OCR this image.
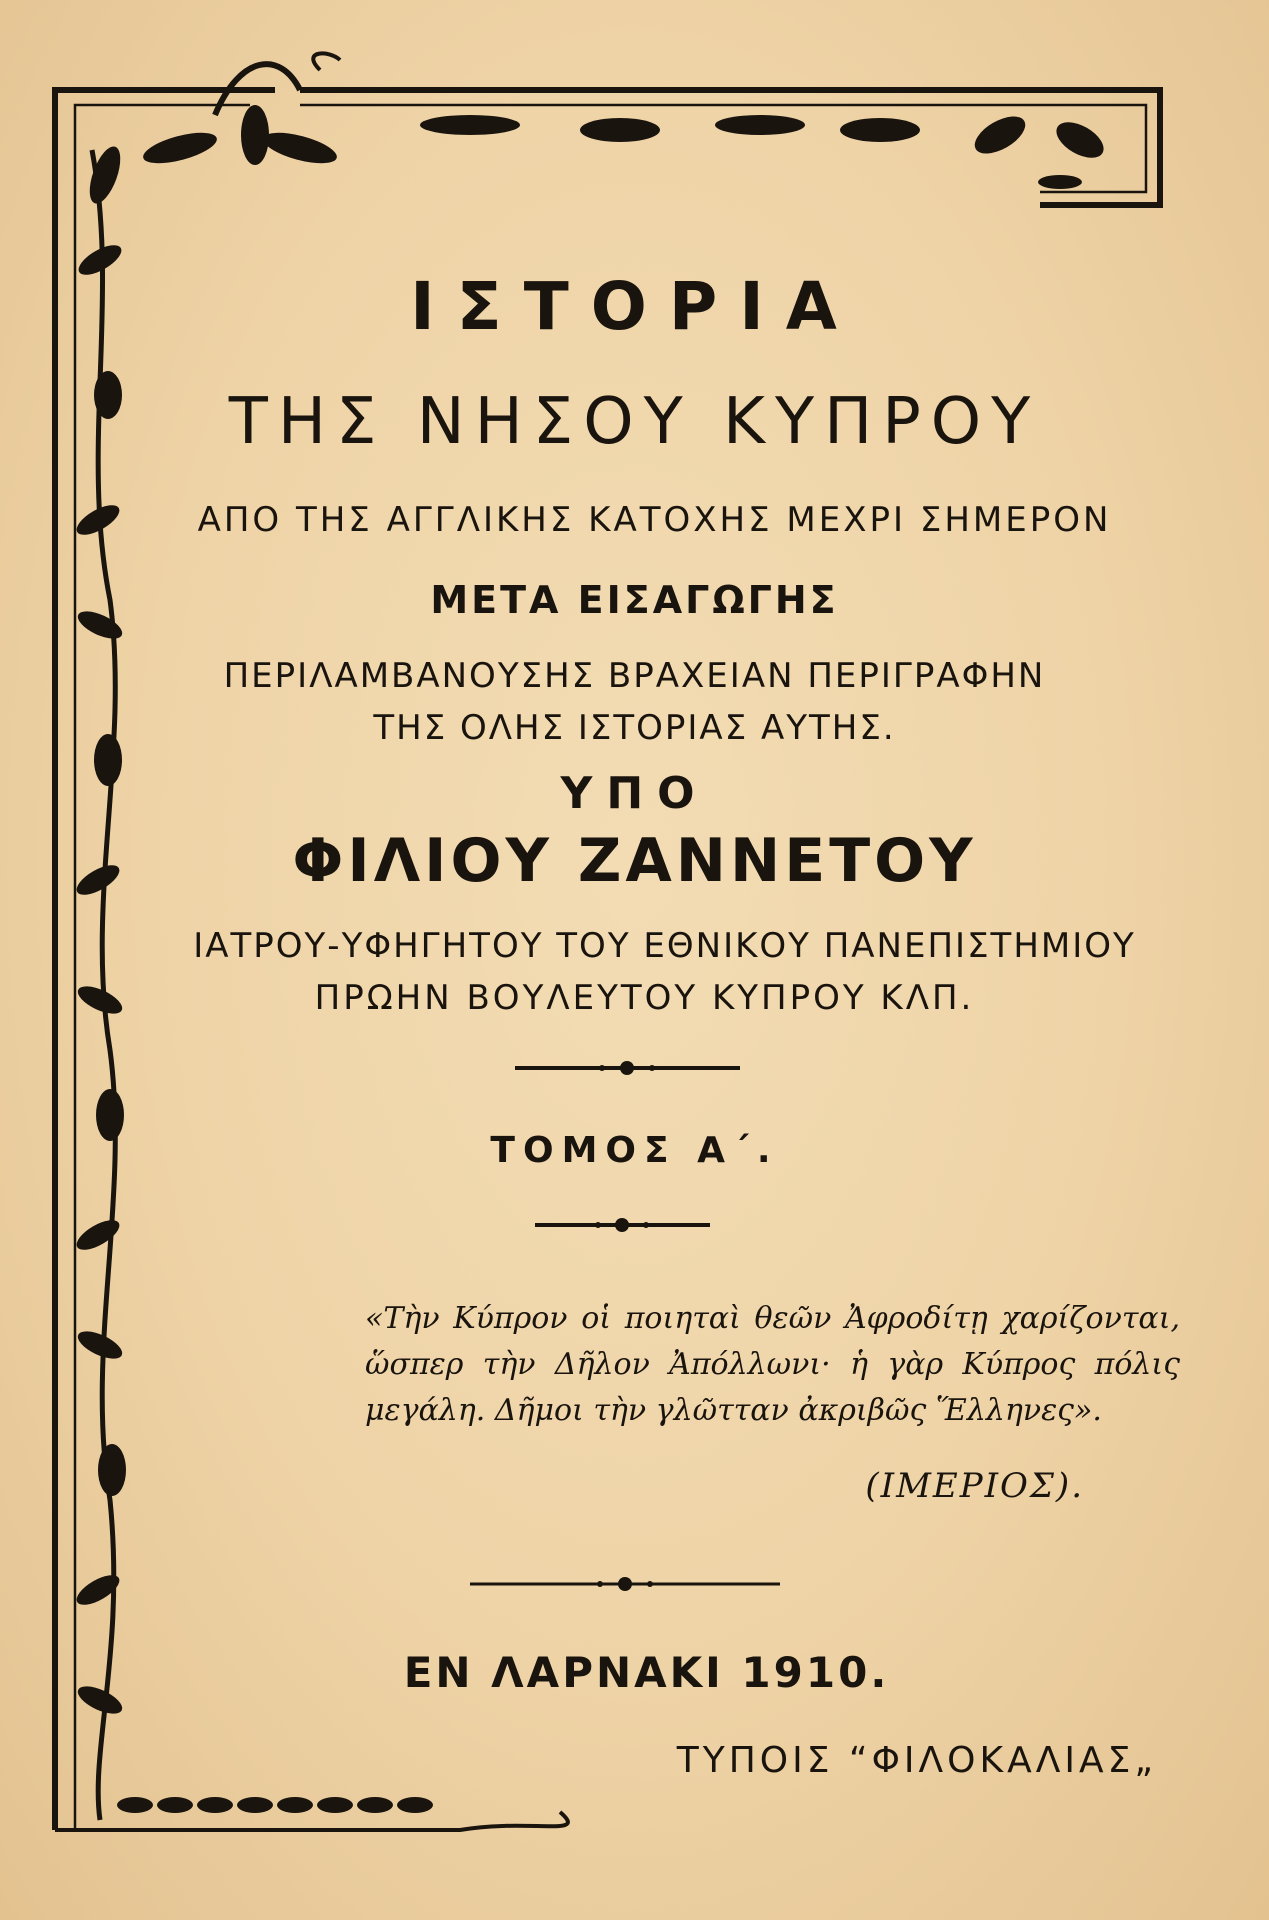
ΙΣΤΟΡΙΑ
ΤΗΣ ΝΗΣΟΥ ΚΥΠΡΟΥ
ΑΠΟ ΤΗΣ ΑΓΓΛΙΚΗΣ ΚΑΤΟΧΗΣ ΜΕΧΡΙ ΣΗΜΕΡΟΝ
ΜΕΤΑ ΕΙΣΑΓΩΓΗΣ
ΠΕΡΙΛΑΜΒΑΝΟΥΣΗΣ ΒΡΑΧΕΙΑΝ ΠΕΡΙΓΡΑΦΗΝ
ΤΗΣ ΟΛΗΣ ΙΣΤΟΡΙΑΣ ΑΥΤΗΣ.
ΥΠΟ
ΦΙΛΙΟΥ ΖΑΝΝΕΤΟΥ
ΙΑΤΡΟΥ-ΥΦΗΓΗΤΟΥ ΤΟΥ ΕΘΝΙΚΟΥ ΠΑΝΕΠΙΣΤΗΜΙΟΥ
ΠΡΩΗΝ ΒΟΥΛΕΥΤΟΥ ΚΥΠΡΟΥ ΚΛΠ.
ΤΟΜΟΣ Α΄.
«Τὴν Κύπρον οἱ ποιηταὶ θεῶν Ἀφροδίτῃ χαρίζονται, ὥσπερ τὴν Δῆλον Ἀπόλλωνι· ἡ γὰρ Κύπρος πόλις μεγάλη. Δῆμοι τὴν γλῶτταν ἀκριβῶς Ἕλληνες».
(ΙΜΕΡΙΟΣ).
ΕΝ ΛΑΡΝΑΚΙ 1910.
ΤΥΠΟΙΣ “ΦΙΛΟΚΑΛΙΑΣ„
